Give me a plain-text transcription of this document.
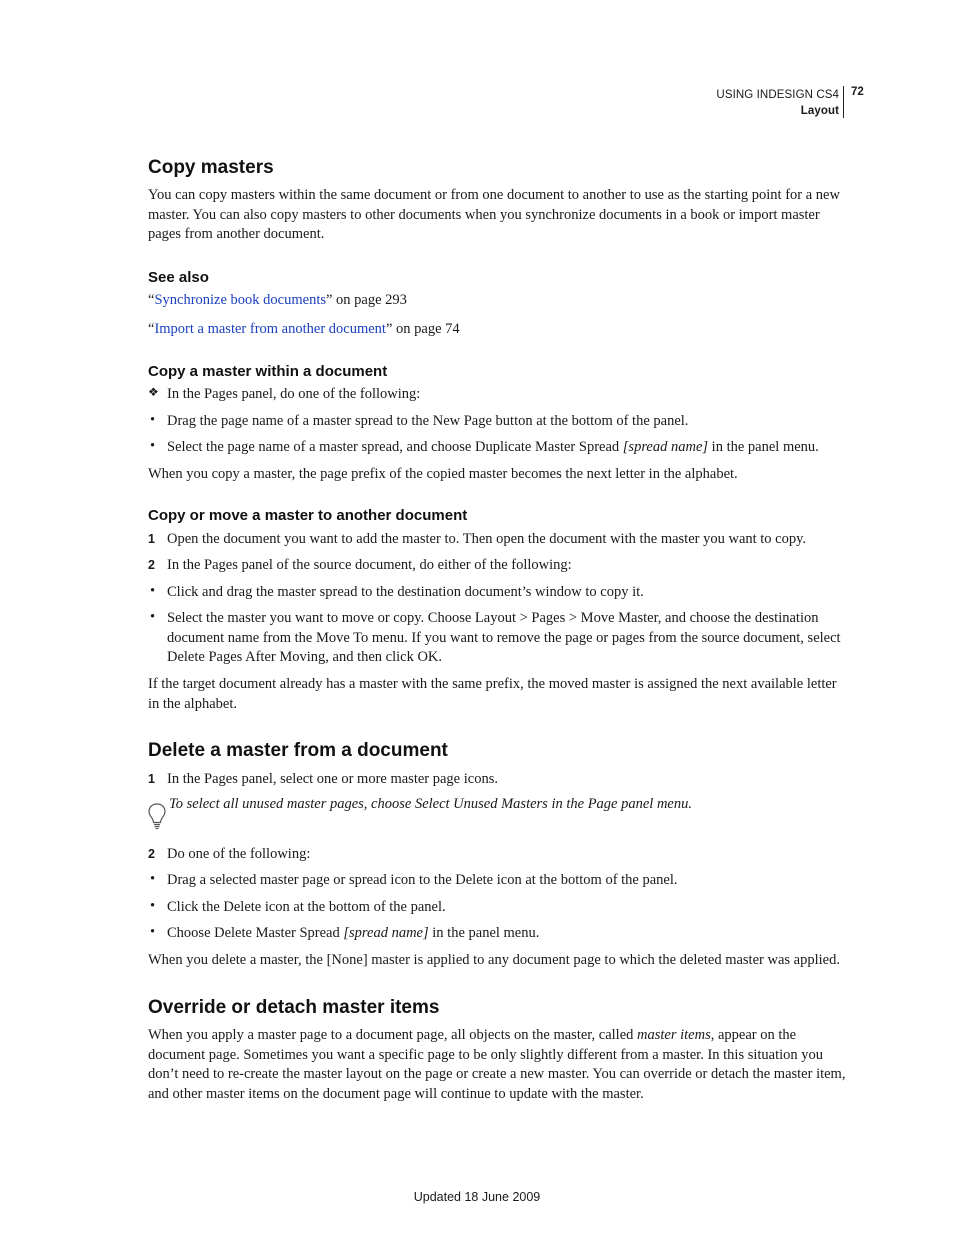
USING INDESIGN CS4
Layout
72
Copy masters
You can copy masters within the same document or from one document to another to use as the starting point for a new master. You can also copy masters to other documents when you synchronize documents in a book or import master pages from another document.
See also
“Synchronize book documents” on page 293
“Import a master from another document” on page 74
Copy a master within a document
❖ In the Pages panel, do one of the following:
• Drag the page name of a master spread to the New Page button at the bottom of the panel.
• Select the page name of a master spread, and choose Duplicate Master Spread [spread name] in the panel menu.
When you copy a master, the page prefix of the copied master becomes the next letter in the alphabet.
Copy or move a master to another document
1 Open the document you want to add the master to. Then open the document with the master you want to copy.
2 In the Pages panel of the source document, do either of the following:
• Click and drag the master spread to the destination document’s window to copy it.
• Select the master you want to move or copy. Choose Layout > Pages > Move Master, and choose the destination document name from the Move To menu. If you want to remove the page or pages from the source document, select Delete Pages After Moving, and then click OK.
If the target document already has a master with the same prefix, the moved master is assigned the next available letter in the alphabet.
Delete a master from a document
1 In the Pages panel, select one or more master page icons.
To select all unused master pages, choose Select Unused Masters in the Page panel menu.
2 Do one of the following:
• Drag a selected master page or spread icon to the Delete icon at the bottom of the panel.
• Click the Delete icon at the bottom of the panel.
• Choose Delete Master Spread [spread name] in the panel menu.
When you delete a master, the [None] master is applied to any document page to which the deleted master was applied.
Override or detach master items
When you apply a master page to a document page, all objects on the master, called master items, appear on the document page. Sometimes you want a specific page to be only slightly different from a master. In this situation you don’t need to re-create the master layout on the page or create a new master. You can override or detach the master item, and other master items on the document page will continue to update with the master.
Updated 18 June 2009
